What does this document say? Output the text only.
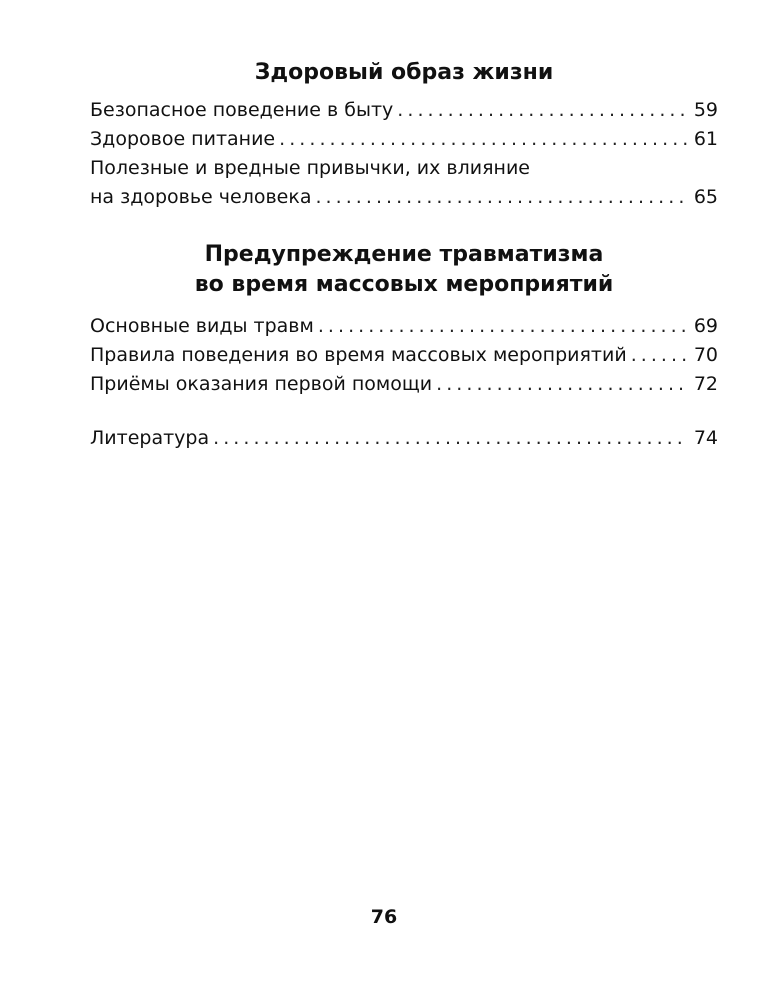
Здоровый образ жизни
Безопасное поведение в быту . . .	59
Здоровое питание . . .	61
Полезные и вредные привычки, их влияние
на здоровье человека . . .	65
Предупреждение травматизма
во время массовых мероприятий
Основные виды травм . . .	69
Правила поведения во время массовых мероприятий . . .	70
Приёмы оказания первой помощи . . .	72
Литература . . .	74
76
